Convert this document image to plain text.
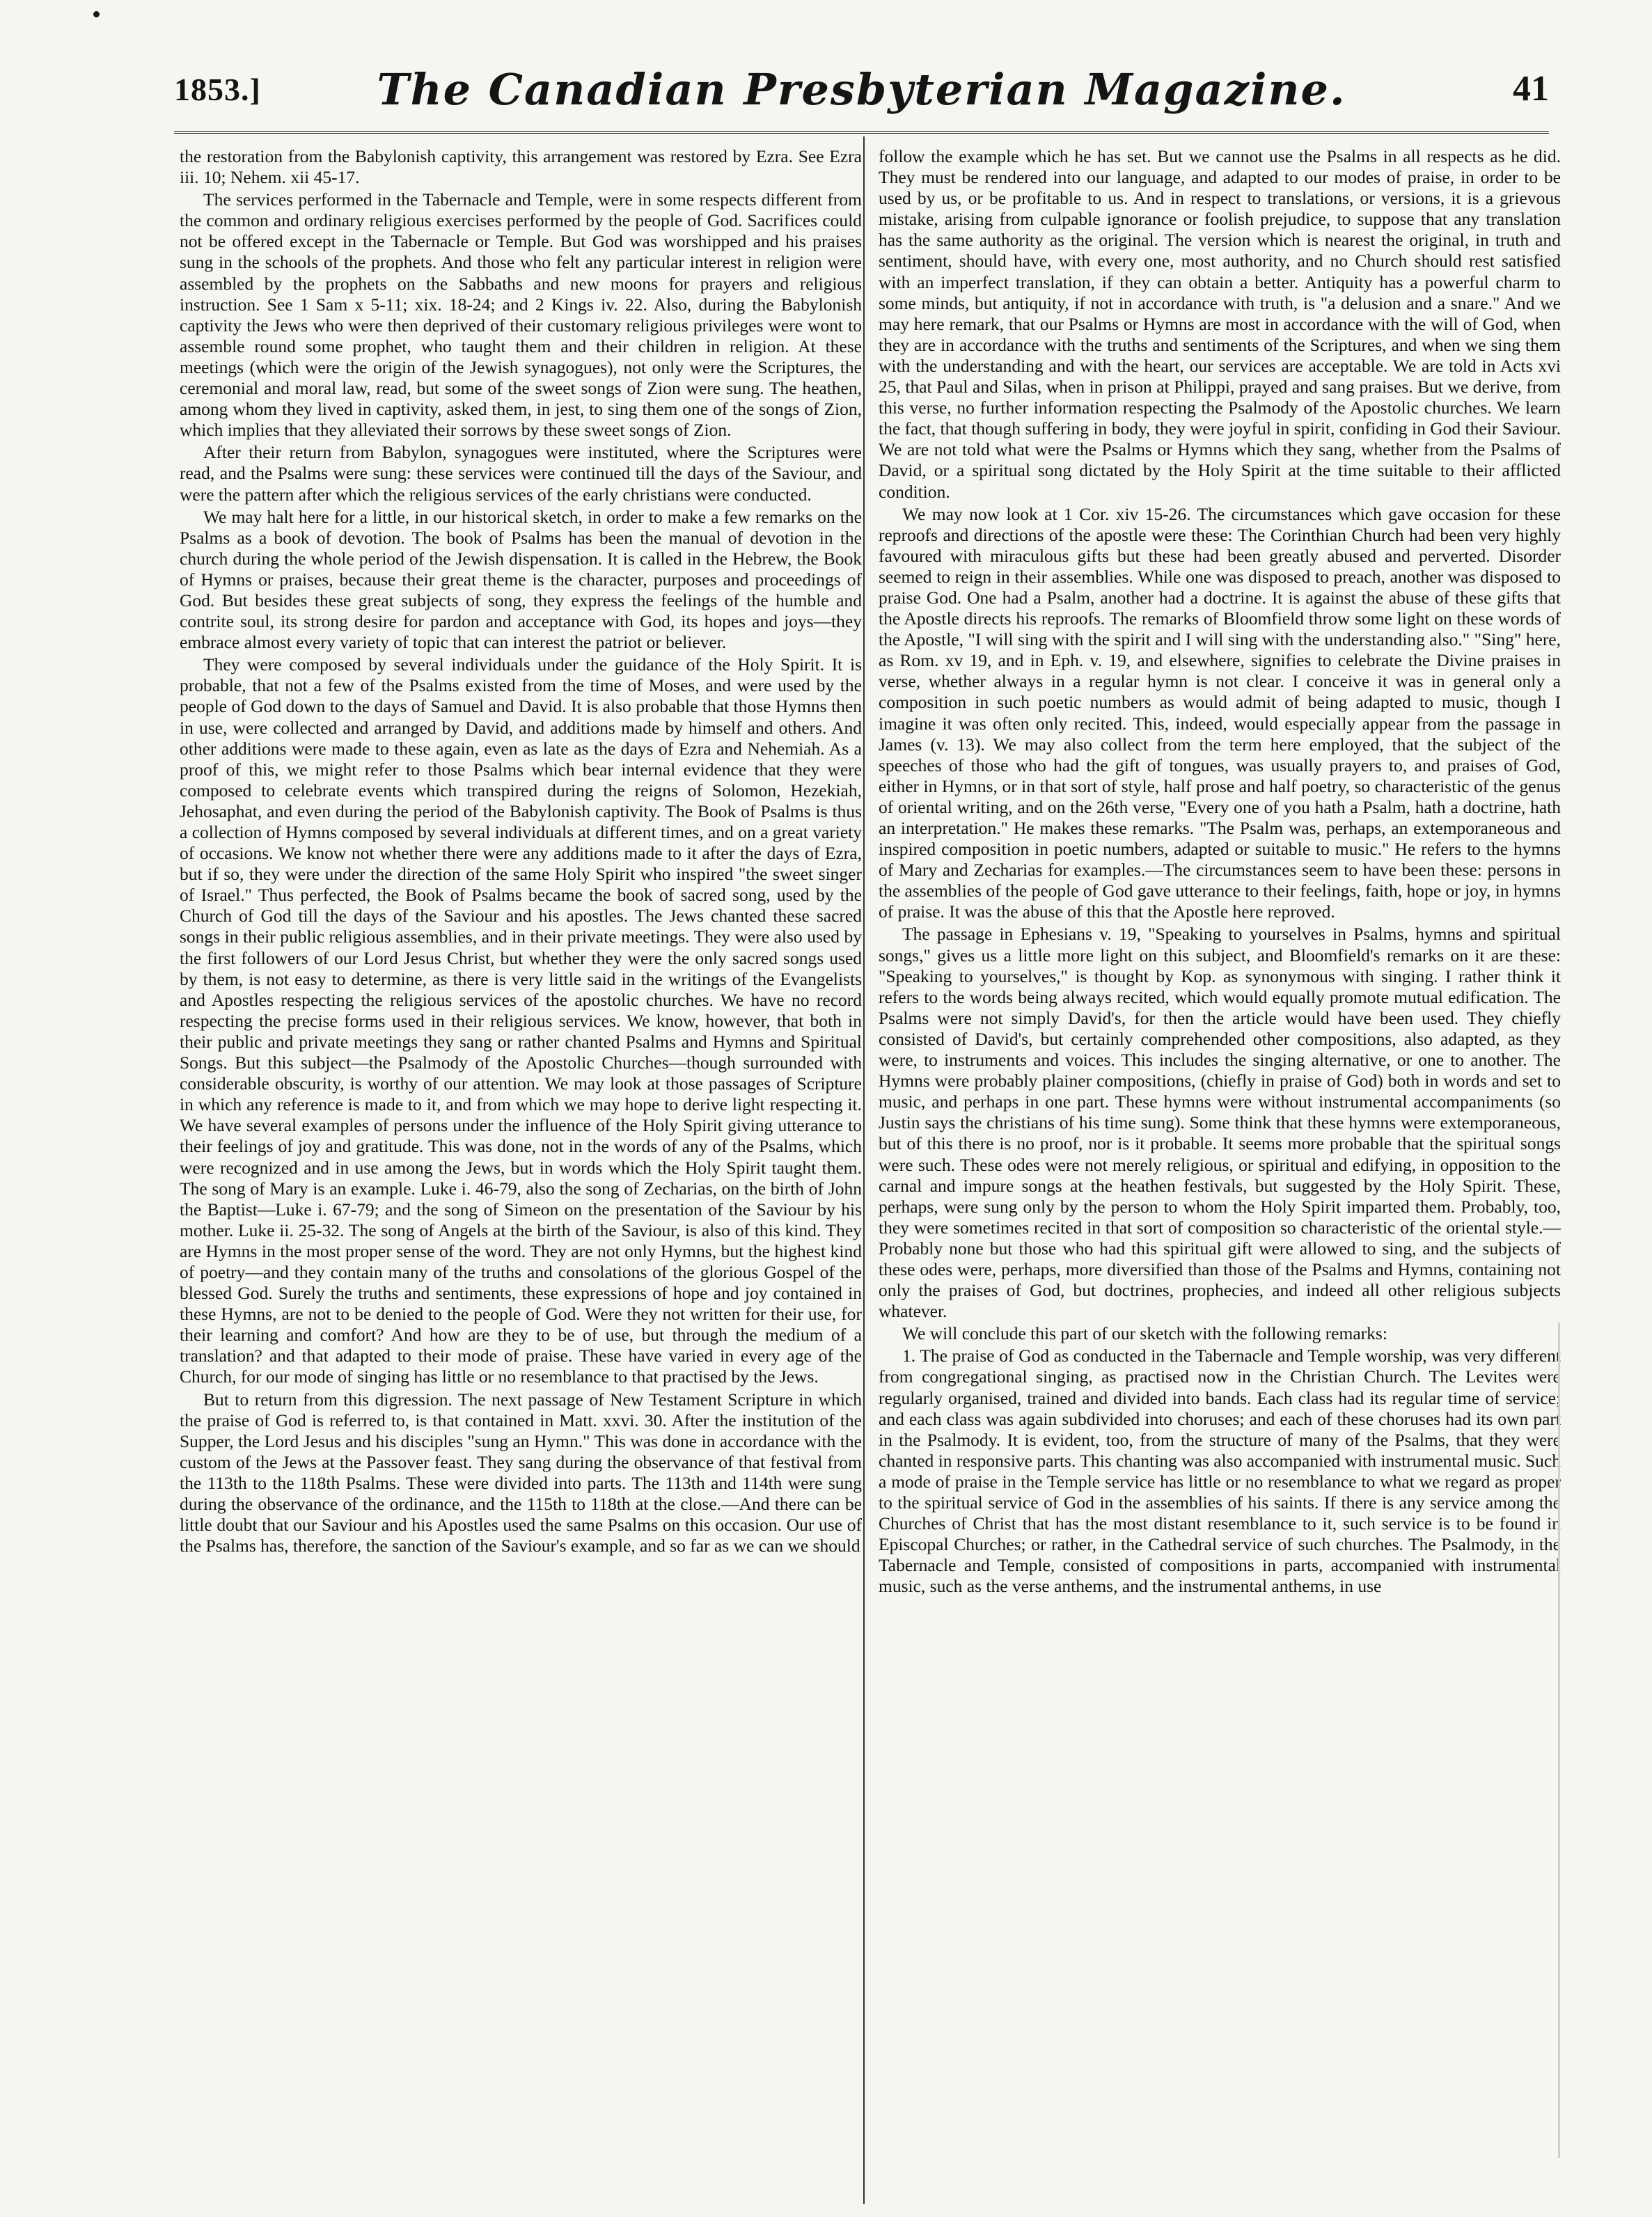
1853.]	The Canadian Presbyterian Magazine.	41

the restoration from the Babylonish captivity, this arrangement was restored by Ezra. See Ezra iii. 10; Nehem. xii 45-17.

The services performed in the Tabernacle and Temple, were in some respects different from the common and ordinary religious exercises performed by the people of God. Sacrifices could not be offered except in the Tabernacle or Temple. But God was worshipped and his praises sung in the schools of the prophets. And those who felt any particular interest in religion were assembled by the prophets on the Sabbaths and new moons for prayers and religious instruction. See 1 Sam x 5-11; xix. 18-24; and 2 Kings iv. 22. Also, during the Babylonish captivity the Jews who were then deprived of their customary religious privileges were wont to assemble round some prophet, who taught them and their children in religion. At these meetings (which were the origin of the Jewish synagogues), not only were the Scriptures, the ceremonial and moral law, read, but some of the sweet songs of Zion were sung. The heathen, among whom they lived in captivity, asked them, in jest, to sing them one of the songs of Zion, which implies that they alleviated their sorrows by these sweet songs of Zion.

After their return from Babylon, synagogues were instituted, where the Scriptures were read, and the Psalms were sung: these services were continued till the days of the Saviour, and were the pattern after which the religious services of the early christians were conducted.

We may halt here for a little, in our historical sketch, in order to make a few remarks on the Psalms as a book of devotion. The book of Psalms has been the manual of devotion in the church during the whole period of the Jewish dispensation. It is called in the Hebrew, the Book of Hymns or praises, because their great theme is the character, purposes and proceedings of God. But besides these great subjects of song, they express the feelings of the humble and contrite soul, its strong desire for pardon and acceptance with God, its hopes and joys—they embrace almost every variety of topic that can interest the patriot or believer.

They were composed by several individuals under the guidance of the Holy Spirit. It is probable, that not a few of the Psalms existed from the time of Moses, and were used by the people of God down to the days of Samuel and David. It is also probable that those Hymns then in use, were collected and arranged by David, and additions made by himself and others. And other additions were made to these again, even as late as the days of Ezra and Nehemiah. As a proof of this, we might refer to those Psalms which bear internal evidence that they were composed to celebrate events which transpired during the reigns of Solomon, Hezekiah, Jehosaphat, and even during the period of the Babylonish captivity. The Book of Psalms is thus a collection of Hymns composed by several individuals at different times, and on a great variety of occasions. We know not whether there were any additions made to it after the days of Ezra, but if so, they were under the direction of the same Holy Spirit who inspired "the sweet singer of Israel." Thus perfected, the Book of Psalms became the book of sacred song, used by the Church of God till the days of the Saviour and his apostles. The Jews chanted these sacred songs in their public religious assemblies, and in their private meetings. They were also used by the first followers of our Lord Jesus Christ, but whether they were the only sacred songs used by them, is not easy to determine, as there is very little said in the writings of the Evangelists and Apostles respecting the religious services of the apostolic churches. We have no record respecting the precise forms used in their religious services. We know, however, that both in their public and private meetings they sang or rather chanted Psalms and Hymns and Spiritual Songs. But this subject—the Psalmody of the Apostolic Churches—though surrounded with considerable obscurity, is worthy of our attention. We may look at those passages of Scripture in which any reference is made to it, and from which we may hope to derive light respecting it. We have several examples of persons under the influence of the Holy Spirit giving utterance to their feelings of joy and gratitude. This was done, not in the words of any of the Psalms, which were recognized and in use among the Jews, but in words which the Holy Spirit taught them. The song of Mary is an example. Luke i. 46-79, also the song of Zecharias, on the birth of John the Baptist—Luke i. 67-79; and the song of Simeon on the presentation of the Saviour by his mother. Luke ii. 25-32. The song of Angels at the birth of the Saviour, is also of this kind. They are Hymns in the most proper sense of the word. They are not only Hymns, but the highest kind of poetry—and they contain many of the truths and consolations of the glorious Gospel of the blessed God. Surely the truths and sentiments, these expressions of hope and joy contained in these Hymns, are not to be denied to the people of God. Were they not written for their use, for their learning and comfort? And how are they to be of use, but through the medium of a translation? and that adapted to their mode of praise. These have varied in every age of the Church, for our mode of singing has little or no resemblance to that practised by the Jews.

But to return from this digression. The next passage of New Testament Scripture in which the praise of God is referred to, is that contained in Matt. xxvi. 30. After the institution of the Supper, the Lord Jesus and his disciples "sung an Hymn." This was done in accordance with the custom of the Jews at the Passover feast. They sang during the observance of that festival from the 113th to the 118th Psalms. These were divided into parts. The 113th and 114th were sung during the observance of the ordinance, and the 115th to 118th at the close.—And there can be little doubt that our Saviour and his Apostles used the same Psalms on this occasion. Our use of the Psalms has, therefore, the sanction of the Saviour's example, and so far as we can we should

follow the example which he has set. But we cannot use the Psalms in all respects as he did. They must be rendered into our language, and adapted to our modes of praise, in order to be used by us, or be profitable to us. And in respect to translations, or versions, it is a grievous mistake, arising from culpable ignorance or foolish prejudice, to suppose that any translation has the same authority as the original. The version which is nearest the original, in truth and sentiment, should have, with every one, most authority, and no Church should rest satisfied with an imperfect translation, if they can obtain a better. Antiquity has a powerful charm to some minds, but antiquity, if not in accordance with truth, is "a delusion and a snare." And we may here remark, that our Psalms or Hymns are most in accordance with the will of God, when they are in accordance with the truths and sentiments of the Scriptures, and when we sing them with the understanding and with the heart, our services are acceptable. We are told in Acts xvi 25, that Paul and Silas, when in prison at Philippi, prayed and sang praises. But we derive, from this verse, no further information respecting the Psalmody of the Apostolic churches. We learn the fact, that though suffering in body, they were joyful in spirit, confiding in God their Saviour. We are not told what were the Psalms or Hymns which they sang, whether from the Psalms of David, or a spiritual song dictated by the Holy Spirit at the time suitable to their afflicted condition.

We may now look at 1 Cor. xiv 15-26. The circumstances which gave occasion for these reproofs and directions of the apostle were these: The Corinthian Church had been very highly favoured with miraculous gifts but these had been greatly abused and perverted. Disorder seemed to reign in their assemblies. While one was disposed to preach, another was disposed to praise God. One had a Psalm, another had a doctrine. It is against the abuse of these gifts that the Apostle directs his reproofs. The remarks of Bloomfield throw some light on these words of the Apostle, "I will sing with the spirit and I will sing with the understanding also." "Sing" here, as Rom. xv 19, and in Eph. v. 19, and elsewhere, signifies to celebrate the Divine praises in verse, whether always in a regular hymn is not clear. I conceive it was in general only a composition in such poetic numbers as would admit of being adapted to music, though I imagine it was often only recited. This, indeed, would especially appear from the passage in James (v. 13). We may also collect from the term here employed, that the subject of the speeches of those who had the gift of tongues, was usually prayers to, and praises of God, either in Hymns, or in that sort of style, half prose and half poetry, so characteristic of the genus of oriental writing, and on the 26th verse, "Every one of you hath a Psalm, hath a doctrine, hath an interpretation." He makes these remarks. "The Psalm was, perhaps, an extemporaneous and inspired composition in poetic numbers, adapted or suitable to music." He refers to the hymns of Mary and Zecharias for examples.—The circumstances seem to have been these: persons in the assemblies of the people of God gave utterance to their feelings, faith, hope or joy, in hymns of praise. It was the abuse of this that the Apostle here reproved.

The passage in Ephesians v. 19, "Speaking to yourselves in Psalms, hymns and spiritual songs," gives us a little more light on this subject, and Bloomfield's remarks on it are these: "Speaking to yourselves," is thought by Kop. as synonymous with singing. I rather think it refers to the words being always recited, which would equally promote mutual edification. The Psalms were not simply David's, for then the article would have been used. They chiefly consisted of David's, but certainly comprehended other compositions, also adapted, as they were, to instruments and voices. This includes the singing alternative, or one to another. The Hymns were probably plainer compositions, (chiefly in praise of God) both in words and set to music, and perhaps in one part. These hymns were without instrumental accompaniments (so Justin says the christians of his time sung). Some think that these hymns were extemporaneous, but of this there is no proof, nor is it probable. It seems more probable that the spiritual songs were such. These odes were not merely religious, or spiritual and edifying, in opposition to the carnal and impure songs at the heathen festivals, but suggested by the Holy Spirit. These, perhaps, were sung only by the person to whom the Holy Spirit imparted them. Probably, too, they were sometimes recited in that sort of composition so characteristic of the oriental style.—Probably none but those who had this spiritual gift were allowed to sing, and the subjects of these odes were, perhaps, more diversified than those of the Psalms and Hymns, containing not only the praises of God, but doctrines, prophecies, and indeed all other religious subjects whatever.

We will conclude this part of our sketch with the following remarks:

1. The praise of God as conducted in the Tabernacle and Temple worship, was very different from congregational singing, as practised now in the Christian Church. The Levites were regularly organised, trained and divided into bands. Each class had its regular time of service; and each class was again subdivided into choruses; and each of these choruses had its own part in the Psalmody. It is evident, too, from the structure of many of the Psalms, that they were chanted in responsive parts. This chanting was also accompanied with instrumental music. Such a mode of praise in the Temple service has little or no resemblance to what we regard as proper to the spiritual service of God in the assemblies of his saints. If there is any service among the Churches of Christ that has the most distant resemblance to it, such service is to be found in Episcopal Churches; or rather, in the Cathedral service of such churches. The Psalmody, in the Tabernacle and Temple, consisted of compositions in parts, accompanied with instrumental music, such as the verse anthems, and the instrumental anthems, in use
